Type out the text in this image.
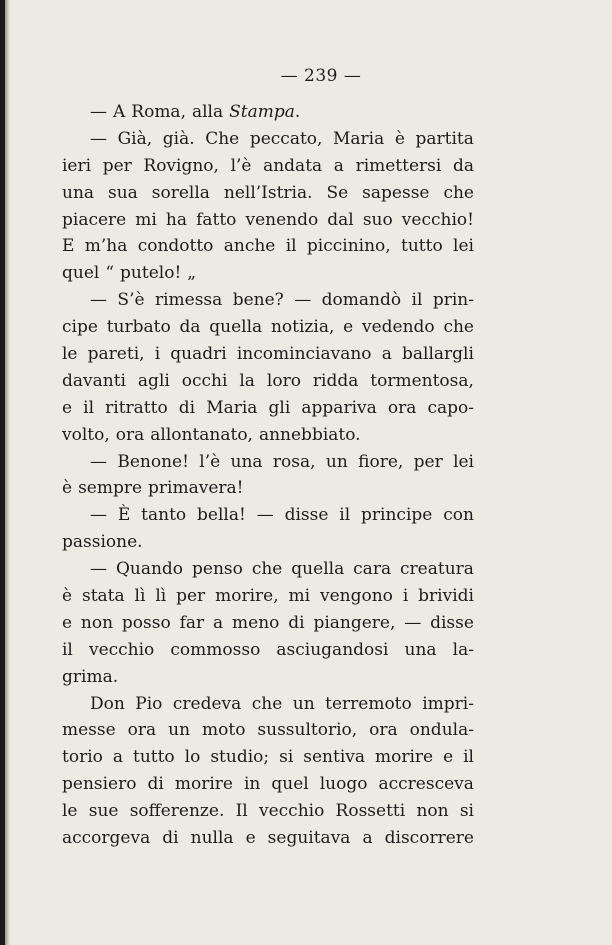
— 239 —
— A Roma, alla Stampa.
— Già, già. Che peccato, Maria è partita
ieri per Rovigno, l’è andata a rimettersi da
una sua sorella nell’Istria. Se sapesse che
piacere mi ha fatto venendo dal suo vecchio!
E m’ha condotto anche il piccinino, tutto lei
quel “ putelo! „
— S’è rimessa bene? — domandò il prin-
cipe turbato da quella notizia, e vedendo che
le pareti, i quadri incominciavano a ballargli
davanti agli occhi la loro ridda tormentosa,
e il ritratto di Maria gli appariva ora capo-
volto, ora allontanato, annebbiato.
— Benone! l’è una rosa, un fiore, per lei
è sempre primavera!
— È tanto bella! — disse il principe con
passione.
— Quando penso che quella cara creatura
è stata lì lì per morire, mi vengono i brividi
e non posso far a meno di piangere, — disse
il vecchio commosso asciugandosi una la-
grima.
Don Pio credeva che un terremoto impri-
messe ora un moto sussultorio, ora ondula-
torio a tutto lo studio; si sentiva morire e il
pensiero di morire in quel luogo accresceva
le sue sofferenze. Il vecchio Rossetti non si
accorgeva di nulla e seguitava a discorrere
